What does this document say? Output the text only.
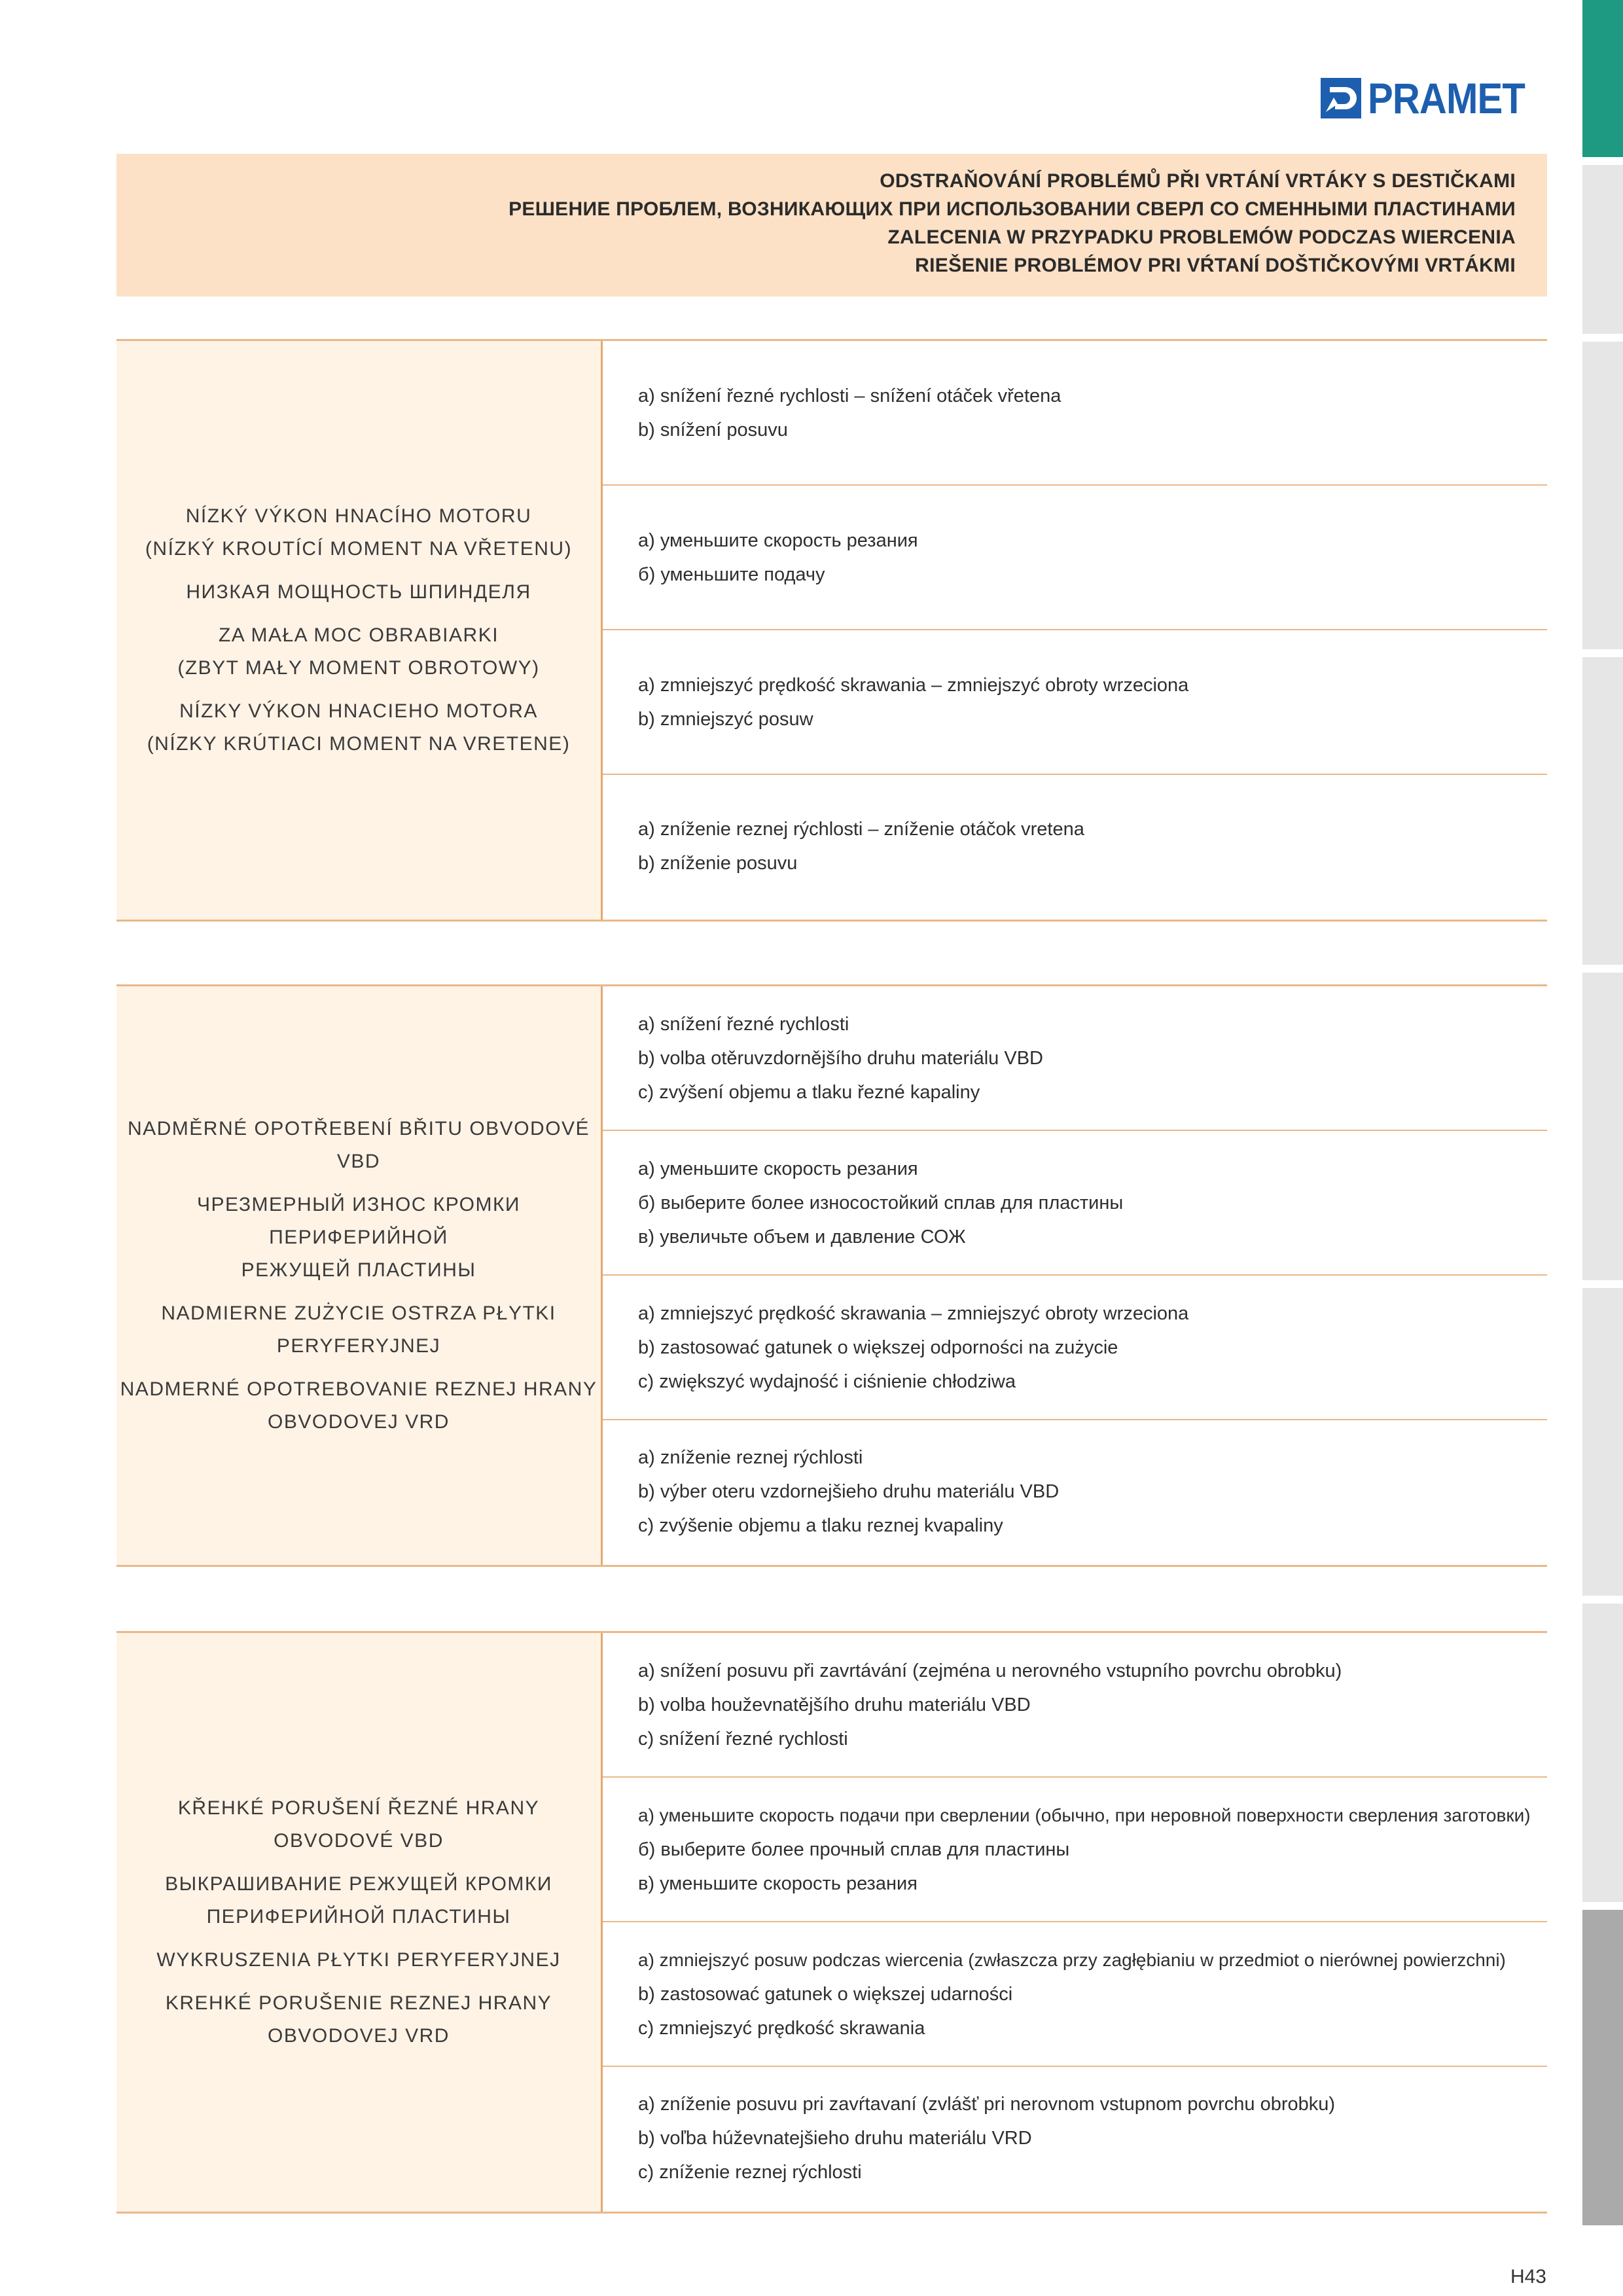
PRAMET
ODSTRAŇOVÁNÍ PROBLÉMŮ PŘI VRTÁNÍ VRTÁKY S DESTIČKAMI
РЕШЕНИЕ ПРОБЛЕМ, ВОЗНИКАЮЩИХ ПРИ ИСПОЛЬЗОВАНИИ СВЕРЛ СО СМЕННЫМИ ПЛАСТИНАМИ
ZALECENIA W PRZYPADKU PROBLEMÓW PODCZAS WIERCENIA
RIEŠENIE PROBLÉMOV PRI VŔTANÍ DOŠTIČKOVÝMI VRTÁKMI
NÍZKÝ VÝKON HNACÍHO MOTORU
(NÍZKÝ KROUTÍCÍ MOMENT NA VŘETENU)
НИЗКАЯ МОЩНОСТЬ ШПИНДЕЛЯ
ZA MAŁA MOC OBRABIARKI
(ZBYT MAŁY MOMENT OBROTOWY)
NÍZKY VÝKON HNACIEHO MOTORA
(NÍZKY KRÚTIACI MOMENT NA VRETENE)
a) snížení řezné rychlosti – snížení otáček vřetena
b) snížení posuvu
а) уменьшите скорость резания
б) уменьшите подачу
a) zmniejszyć prędkość skrawania – zmniejszyć obroty wrzeciona
b) zmniejszyć posuw
a) zníženie reznej rýchlosti – zníženie otáčok vretena
b) zníženie posuvu
NADMĚRNÉ OPOTŘEBENÍ BŘITU OBVODOVÉ VBD
ЧРЕЗМЕРНЫЙ ИЗНОС КРОМКИ ПЕРИФЕРИЙНОЙ
РЕЖУЩЕЙ ПЛАСТИНЫ
NADMIERNE ZUŻYCIE OSTRZA PŁYTKI PERYFERYJNEJ
NADMERNÉ OPOTREBOVANIE REZNEJ HRANY
OBVODOVEJ VRD
a) snížení řezné rychlosti
b) volba otěruvzdornějšího druhu materiálu VBD
c) zvýšení objemu a tlaku řezné kapaliny
а) уменьшите скорость резания
б) выберите более износостойкий сплав для пластины
в) увеличьте объем и давление СОЖ
a) zmniejszyć prędkość skrawania – zmniejszyć obroty wrzeciona
b) zastosować gatunek o większej odporności na zużycie
c) zwiększyć wydajność i ciśnienie chłodziwa
a) zníženie reznej rýchlosti
b) výber oteru vzdornejšieho druhu materiálu VBD
c) zvýšenie objemu a tlaku reznej kvapaliny
KŘEHKÉ PORUŠENÍ ŘEZNÉ HRANY OBVODOVÉ VBD
ВЫКРАШИВАНИЕ РЕЖУЩЕЙ КРОМКИ
ПЕРИФЕРИЙНОЙ ПЛАСТИНЫ
WYKRUSZENIA PŁYTKI PERYFERYJNEJ
KREHKÉ PORUŠENIE REZNEJ HRANY OBVODOVEJ VRD
a) snížení posuvu při zavrtávání (zejména u nerovného vstupního povrchu obrobku)
b) volba houževnatějšího druhu materiálu VBD
c) snížení řezné rychlosti
а) уменьшите скорость подачи при сверлении (обычно, при неровной поверхности сверления заготовки)
б) выберите более прочный сплав для пластины
в) уменьшите скорость резания
a) zmniejszyć posuw podczas wiercenia (zwłaszcza przy zagłębianiu w przedmiot o nierównej powierzchni)
b) zastosować gatunek o większej udarności
c) zmniejszyć prędkość skrawania
a) zníženie posuvu pri zavŕtavaní (zvlášť pri nerovnom vstupnom povrchu obrobku)
b) voľba húževnatejšieho druhu materiálu VRD
c) zníženie reznej rýchlosti
H43
